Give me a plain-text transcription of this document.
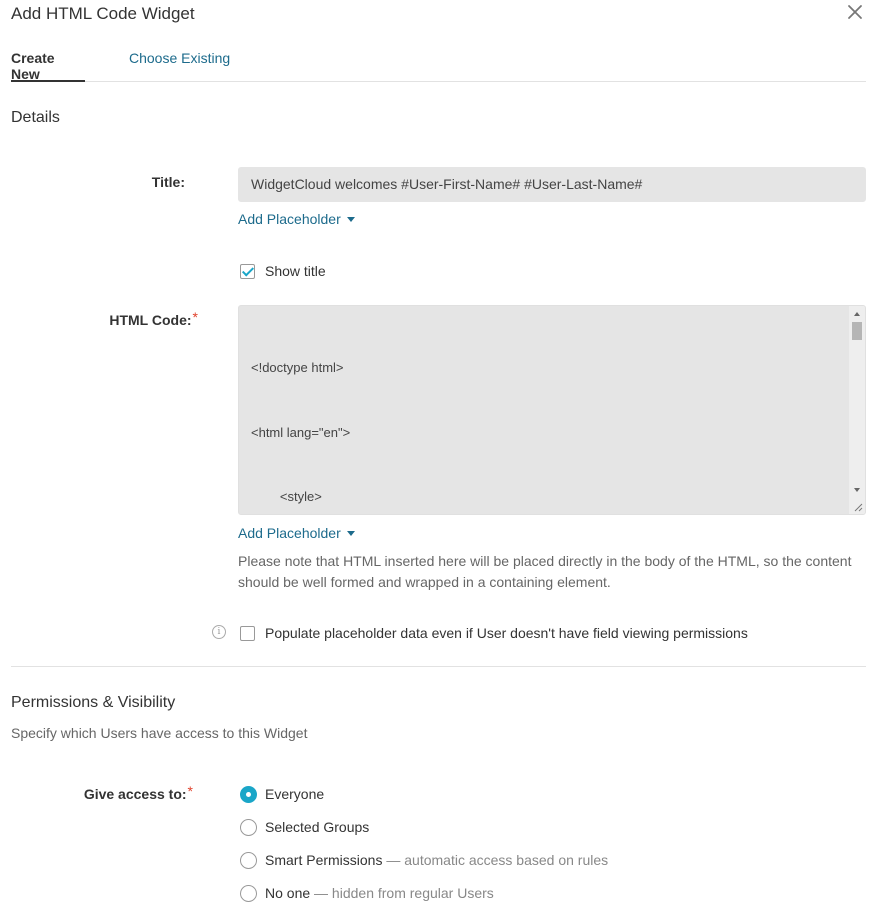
Add HTML Code Widget
Create New
Choose Existing
Details
Title:	WidgetCloud welcomes #User-First-Name# #User-Last-Name#
Add Placeholder
Show title
HTML Code:*

<!doctype html>

<html lang="en">

<style>

Add Placeholder
Please note that HTML inserted here will be placed directly in the body of the HTML, so the content should be well formed and wrapped in a containing element.
i	Populate placeholder data even if User doesn't have field viewing permissions
Permissions & Visibility
Specify which Users have access to this Widget
Give access to:*	Everyone
Selected Groups
Smart Permissions — automatic access based on rules
No one — hidden from regular Users
